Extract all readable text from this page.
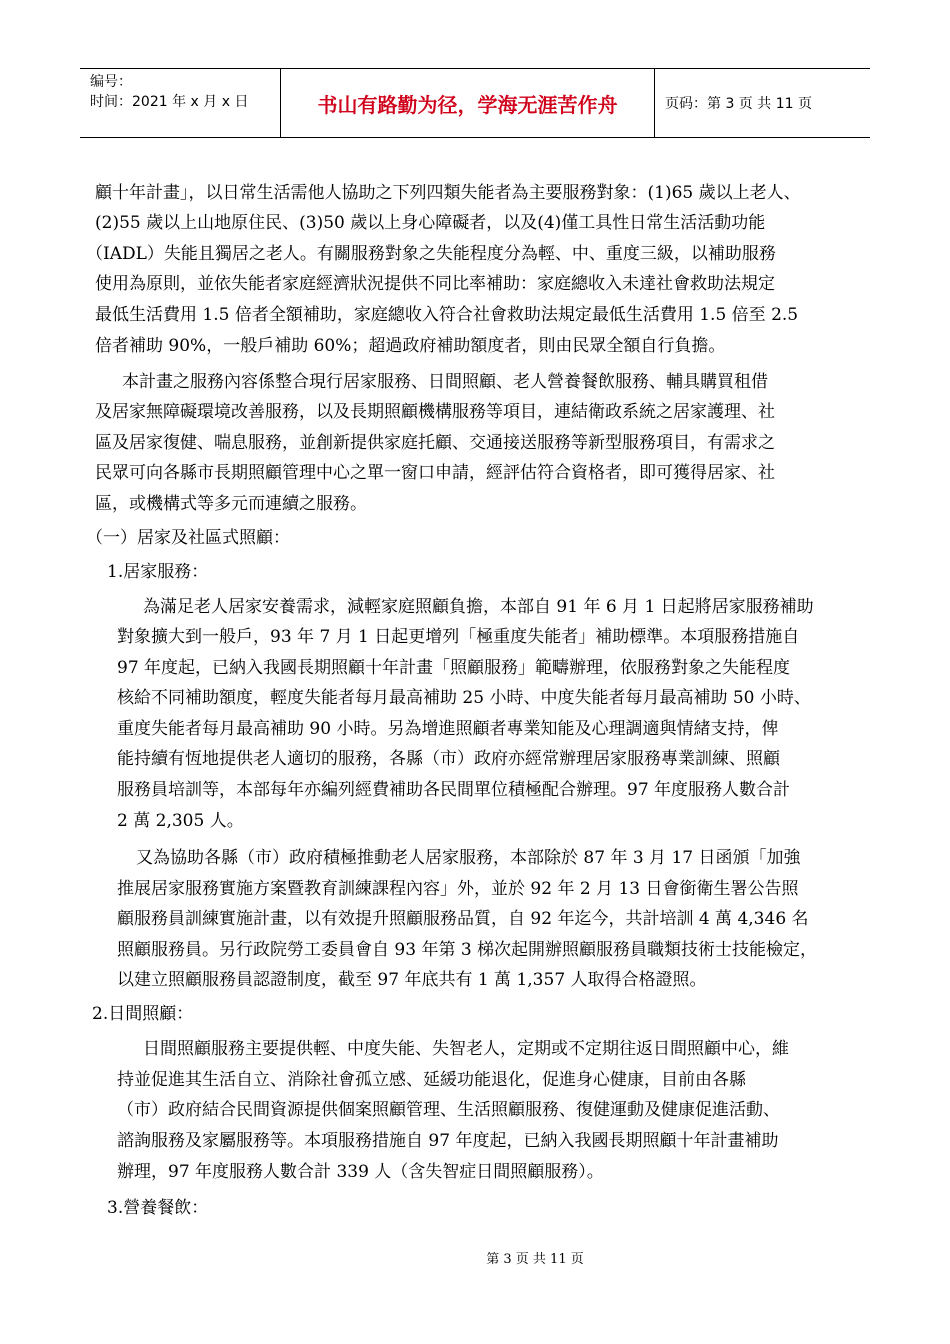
编号：
时间：2021 年 x 月 x 日	书山有路勤为径，学海无涯苦作舟	页码：第 3 页 共 11 页
顧十年計畫」，以日常生活需他人協助之下列四類失能者為主要服務對象：(1)65 歲以上老人、
(2)55 歲以上山地原住民、(3)50 歲以上身心障礙者，以及(4)僅工具性日常生活活動功能
（IADL）失能且獨居之老人。有關服務對象之失能程度分為輕、中、重度三級，以補助服務
使用為原則，並依失能者家庭經濟狀況提供不同比率補助：家庭總收入未達社會救助法規定
最低生活費用 1.5 倍者全額補助，家庭總收入符合社會救助法規定最低生活費用 1.5 倍至 2.5
倍者補助 90%，一般戶補助 60%；超過政府補助額度者，則由民眾全額自行負擔。
本計畫之服務內容係整合現行居家服務、日間照顧、老人營養餐飲服務、輔具購買租借
及居家無障礙環境改善服務，以及長期照顧機構服務等項目，連結衛政系統之居家護理、社
區及居家復健、喘息服務，並創新提供家庭托顧、交通接送服務等新型服務項目，有需求之
民眾可向各縣市長期照顧管理中心之單一窗口申請，經評估符合資格者，即可獲得居家、社
區，或機構式等多元而連續之服務。
（一）居家及社區式照顧：
1.居家服務：
為滿足老人居家安養需求，減輕家庭照顧負擔，本部自 91 年 6 月 1 日起將居家服務補助
對象擴大到一般戶，93 年 7 月 1 日起更增列「極重度失能者」補助標準。本項服務措施自
97 年度起，已納入我國長期照顧十年計畫「照顧服務」範疇辦理，依服務對象之失能程度
核給不同補助額度，輕度失能者每月最高補助 25 小時、中度失能者每月最高補助 50 小時、
重度失能者每月最高補助 90 小時。另為增進照顧者專業知能及心理調適與情緒支持，俾
能持續有恆地提供老人適切的服務，各縣（市）政府亦經常辦理居家服務專業訓練、照顧
服務員培訓等，本部每年亦編列經費補助各民間單位積極配合辦理。97 年度服務人數合計
2 萬 2,305 人。
又為協助各縣（市）政府積極推動老人居家服務，本部除於 87 年 3 月 17 日函頒「加強
推展居家服務實施方案暨教育訓練課程內容」外，並於 92 年 2 月 13 日會銜衛生署公告照
顧服務員訓練實施計畫，以有效提升照顧服務品質，自 92 年迄今，共計培訓 4 萬 4,346 名
照顧服務員。另行政院勞工委員會自 93 年第 3 梯次起開辦照顧服務員職類技術士技能檢定，
以建立照顧服務員認證制度，截至 97 年底共有 1 萬 1,357 人取得合格證照。
2.日間照顧：
日間照顧服務主要提供輕、中度失能、失智老人，定期或不定期往返日間照顧中心，維
持並促進其生活自立、消除社會孤立感、延緩功能退化，促進身心健康，目前由各縣
（市）政府結合民間資源提供個案照顧管理、生活照顧服務、復健運動及健康促進活動、
諮詢服務及家屬服務等。本項服務措施自 97 年度起，已納入我國長期照顧十年計畫補助
辦理，97 年度服務人數合計 339 人（含失智症日間照顧服務）。
3.營養餐飲：
第 3 页 共 11 页
